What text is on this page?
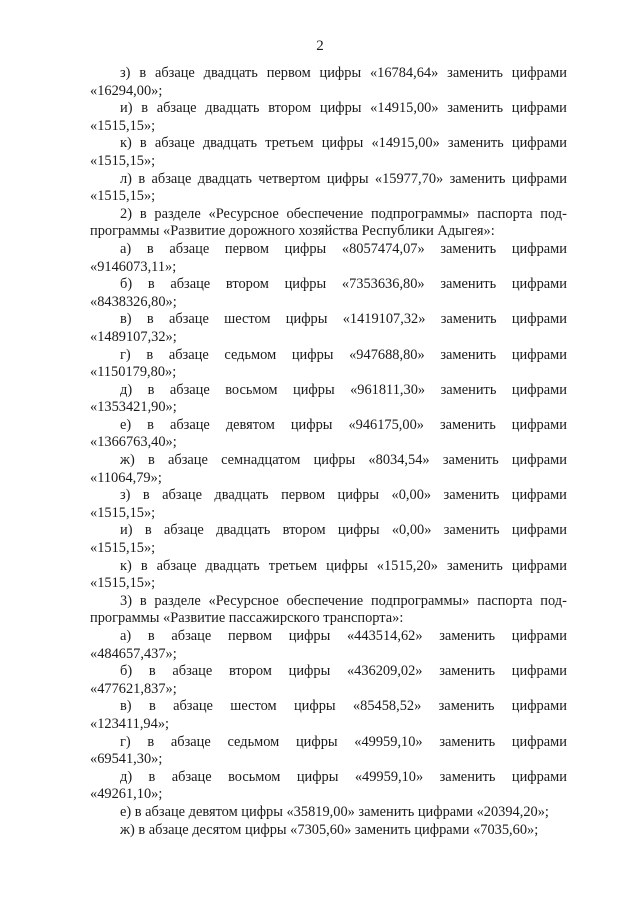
2
з) в абзаце двадцать первом цифры «16784,64» заменить цифрами
«16294,00»;
и) в абзаце двадцать втором цифры «14915,00» заменить цифрами
«1515,15»;
к) в абзаце двадцать третьем цифры «14915,00» заменить цифрами
«1515,15»;
л) в абзаце двадцать четвертом цифры «15977,70» заменить цифрами
«1515,15»;
2) в разделе «Ресурсное обеспечение подпрограммы» паспорта под-
программы «Развитие дорожного хозяйства Республики Адыгея»:
а) в абзаце первом цифры «8057474,07» заменить цифрами
«9146073,11»;
б) в абзаце втором цифры «7353636,80» заменить цифрами
«8438326,80»;
в) в абзаце шестом цифры «1419107,32» заменить цифрами
«1489107,32»;
г) в абзаце седьмом цифры «947688,80» заменить цифрами
«1150179,80»;
д) в абзаце восьмом цифры «961811,30» заменить цифрами
«1353421,90»;
е) в абзаце девятом цифры «946175,00» заменить цифрами
«1366763,40»;
ж) в абзаце семнадцатом цифры «8034,54» заменить цифрами
«11064,79»;
з) в абзаце двадцать первом цифры «0,00» заменить цифрами
«1515,15»;
и) в абзаце двадцать втором цифры «0,00» заменить цифрами
«1515,15»;
к) в абзаце двадцать третьем цифры «1515,20» заменить цифрами
«1515,15»;
3) в разделе «Ресурсное обеспечение подпрограммы» паспорта под-
программы «Развитие пассажирского транспорта»:
а) в абзаце первом цифры «443514,62» заменить цифрами
«484657,437»;
б) в абзаце втором цифры «436209,02» заменить цифрами
«477621,837»;
в) в абзаце шестом цифры «85458,52» заменить цифрами
«123411,94»;
г) в абзаце седьмом цифры «49959,10» заменить цифрами
«69541,30»;
д) в абзаце восьмом цифры «49959,10» заменить цифрами
«49261,10»;
е) в абзаце девятом цифры «35819,00» заменить цифрами «20394,20»;
ж) в абзаце десятом цифры «7305,60» заменить цифрами «7035,60»;
